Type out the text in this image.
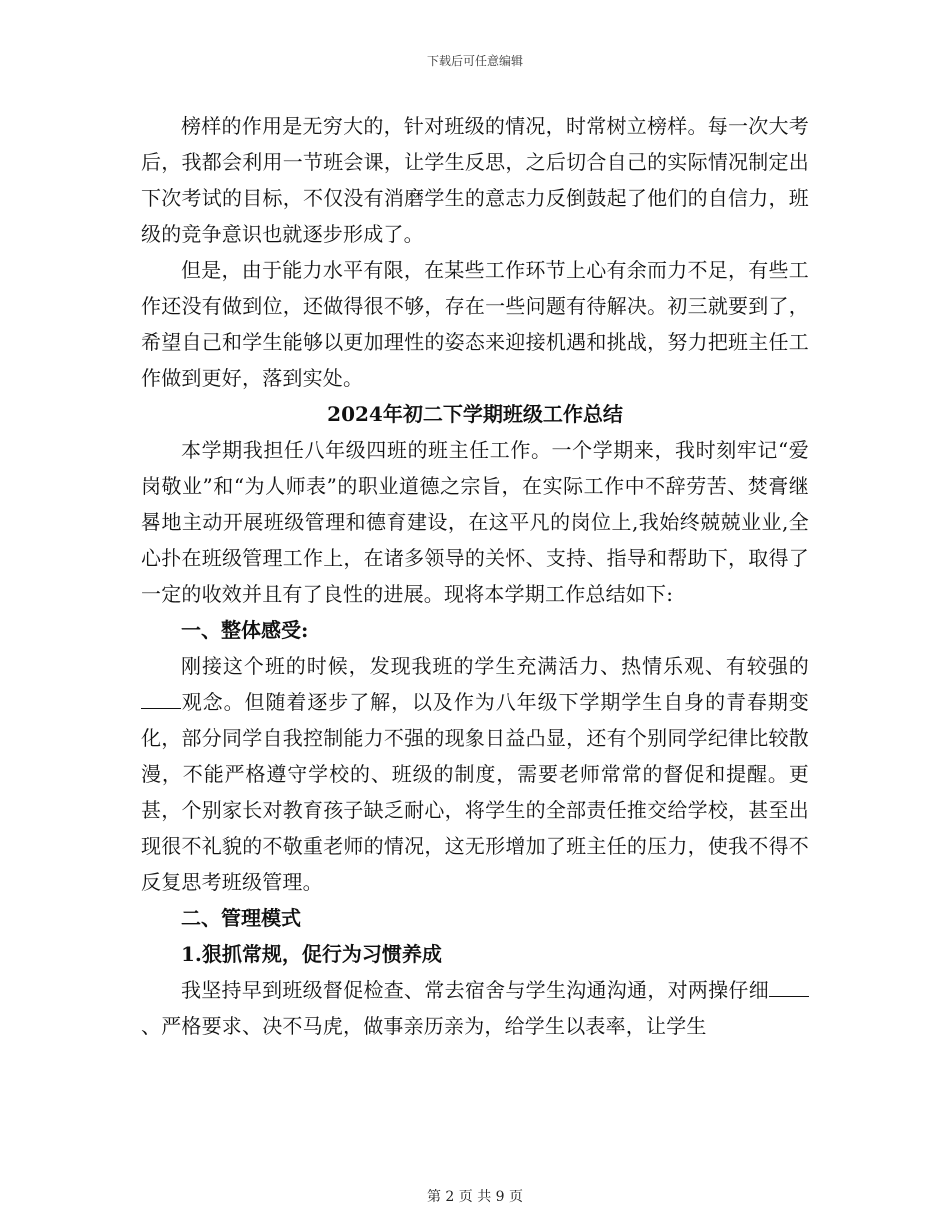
下载后可任意编辑

榜样的作用是无穷大的，针对班级的情况，时常树立榜样。每一次大考后，我都会利用一节班会课，让学生反思，之后切合自己的实际情况制定出下次考试的目标，不仅没有消磨学生的意志力反倒鼓起了他们的自信力，班级的竞争意识也就逐步形成了。

但是，由于能力水平有限，在某些工作环节上心有余而力不足，有些工作还没有做到位，还做得很不够，存在一些问题有待解决。初三就要到了，希望自己和学生能够以更加理性的姿态来迎接机遇和挑战，努力把班主任工作做到更好，落到实处。

2024年初二下学期班级工作总结

本学期我担任八年级四班的班主任工作。一个学期来，我时刻牢记“爱岗敬业”和“为人师表”的职业道德之宗旨，在实际工作中不辞劳苦、焚膏继晷地主动开展班级管理和德育建设，在这平凡的岗位上,我始终兢兢业业,全心扑在班级管理工作上，在诸多领导的关怀、支持、指导和帮助下，取得了一定的收效并且有了良性的进展。现将本学期工作总结如下:

一、整体感受:

刚接这个班的时候，发现我班的学生充满活力、热情乐观、有较强的观念。但随着逐步了解，以及作为八年级下学期学生自身的青春期变化，部分同学自我控制能力不强的现象日益凸显，还有个别同学纪律比较散漫，不能严格遵守学校的、班级的制度，需要老师常常的督促和提醒。更甚，个别家长对教育孩子缺乏耐心，将学生的全部责任推交给学校，甚至出现很不礼貌的不敬重老师的情况，这无形增加了班主任的压力，使我不得不反复思考班级管理。

二、管理模式

1.狠抓常规，促行为习惯养成

我坚持早到班级督促检查、常去宿舍与学生沟通沟通，对两操仔细、严格要求、决不马虎，做事亲历亲为，给学生以表率，让学生

第 2 页 共 9 页
